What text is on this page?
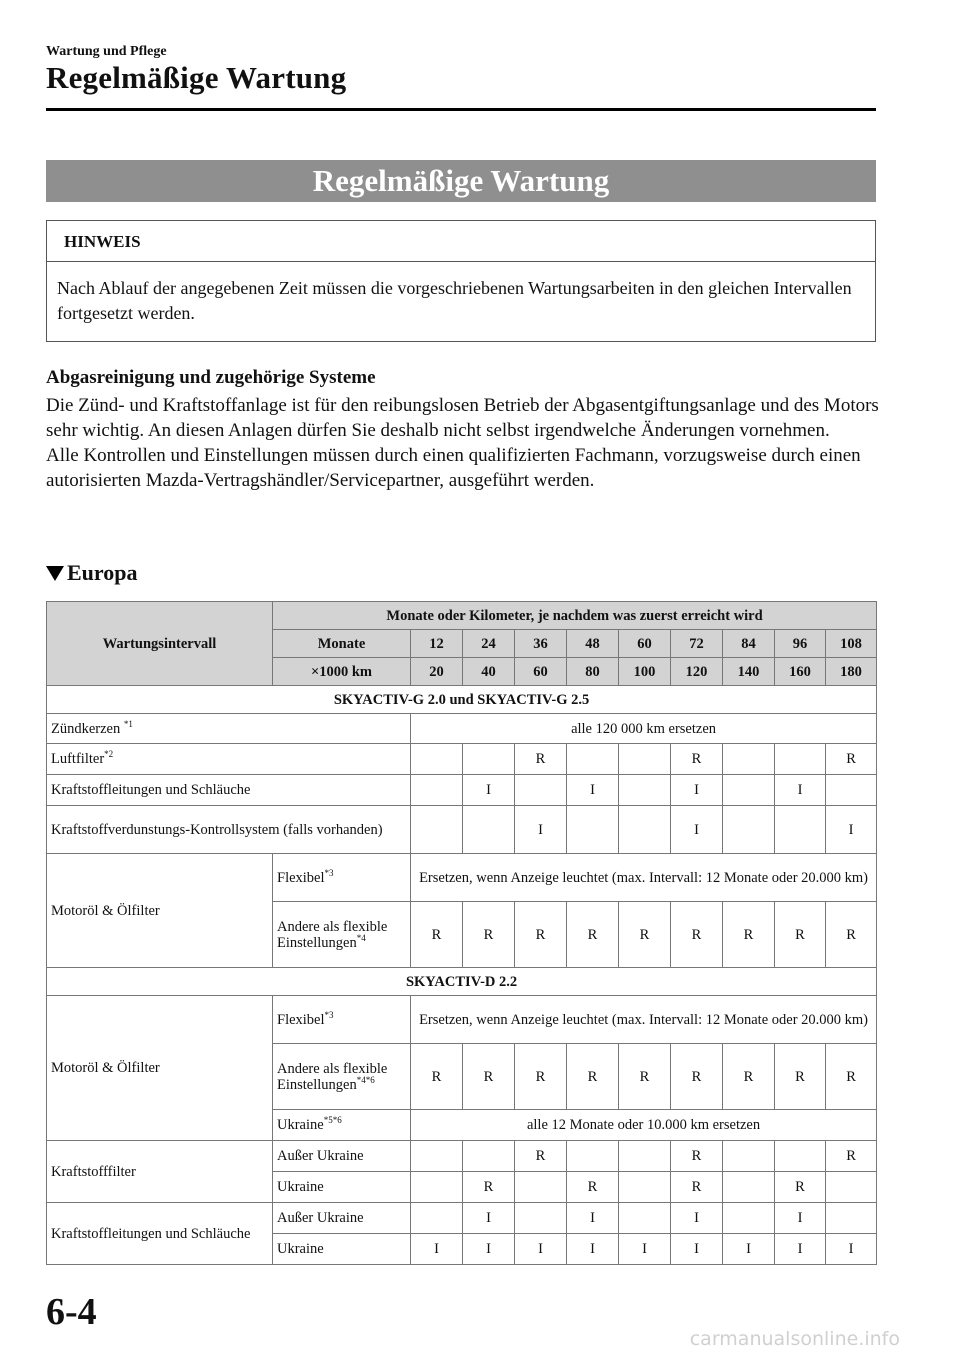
Wartung und Pflege
Regelmäßige Wartung
Regelmäßige Wartung
HINWEIS
Nach Ablauf der angegebenen Zeit müssen die vorgeschriebenen Wartungsarbeiten in den gleichen Intervallen fortgesetzt werden.
Abgasreinigung und zugehörige Systeme

Die Zünd- und Kraftstoffanlage ist für den reibungslosen Betrieb der Abgasentgiftungsanlage und des Motors sehr wichtig. An diesen Anlagen dürfen Sie deshalb nicht selbst irgendwelche Änderungen vornehmen.

Alle Kontrollen und Einstellungen müssen durch einen qualifizierten Fachmann, vorzugsweise durch einen autorisierten Mazda-Vertragshändler/Servicepartner, ausgeführt werden.

Europa
Wartungsintervall	Monate oder Kilometer, je nachdem was zuerst erreicht wird									
	Monate	12	24	36	48	60	72	84	96	108
	×1000 km	20	40	60	80	100	120	140	160	180
SKYACTIV-G 2.0 und SKYACTIV-G 2.5										
Zündkerzen $^{*1}$		alle 120 000 km ersetzen								
Luftfilter$^{*2}$				R			R			R
Kraftstoffleitungen und Schläuche			I		I		I		I	
Kraftstoffverdunstungs-Kontrollsystem (falls vorhanden)				I			I			I
Motoröl & Ölfilter	Flexibel$^{*3}$	Ersetzen, wenn Anzeige leuchtet (max. Intervall: 12 Monate oder 20.000 km)								
	Andere als flexible Einstellungen$^{*4}$	R	R	R	R	R	R	R	R	R
SKYACTIV-D 2.2										
Motoröl & Ölfilter	Flexibel$^{*3}$	Ersetzen, wenn Anzeige leuchtet (max. Intervall: 12 Monate oder 20.000 km)								
	Andere als flexible Einstellungen$^{*4*6}$	R	R	R	R	R	R	R	R	R
	Ukraine$^{*5*6}$	alle 12 Monate oder 10.000 km ersetzen								
Kraftstofffilter	Außer Ukraine			R			R			R
	Ukraine		R		R		R		R	
Kraftstoffleitungen und Schläuche	Außer Ukraine		I		I		I		I	
	Ukraine	I	I	I	I	I	I	I	I	I
6-4
carmanualsonline.info
